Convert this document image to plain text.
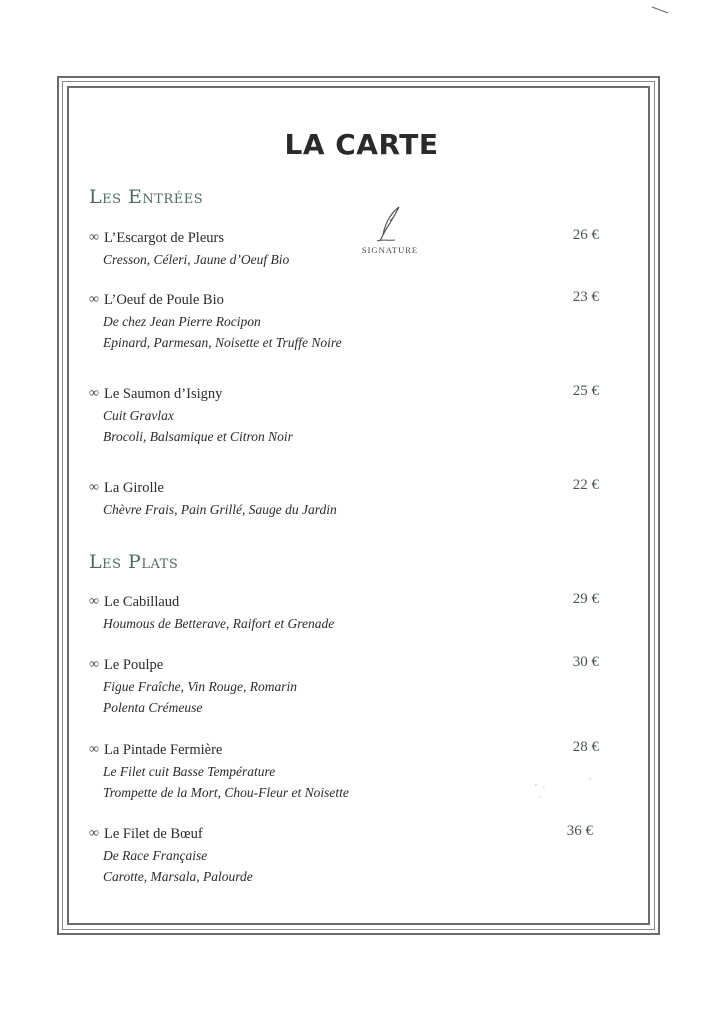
LA CARTE
Les Entrées
∞ L’Escargot de Pleurs
Cresson, Céleri, Jaune d’Oeuf Bio
26 €
SIGNATURE
∞ L’Oeuf de Poule Bio
De chez Jean Pierre Rocipon
Epinard, Parmesan, Noisette et Truffe Noire
23 €
∞ Le Saumon d’Isigny
Cuit Gravlax
Brocoli, Balsamique et Citron Noir
25 €
∞ La Girolle
Chèvre Frais, Pain Grillé, Sauge du Jardin
22 €
Les Plats
∞ Le Cabillaud
Houmous de Betterave, Raifort et Grenade
29 €
∞ Le Poulpe
Figue Fraîche, Vin Rouge, Romarin
Polenta Crémeuse
30 €
∞ La Pintade Fermière
Le Filet cuit Basse Température
Trompette de la Mort, Chou-Fleur et Noisette
28 €
∞ Le Filet de Bœuf
De Race Française
Carotte, Marsala, Palourde
36 €
